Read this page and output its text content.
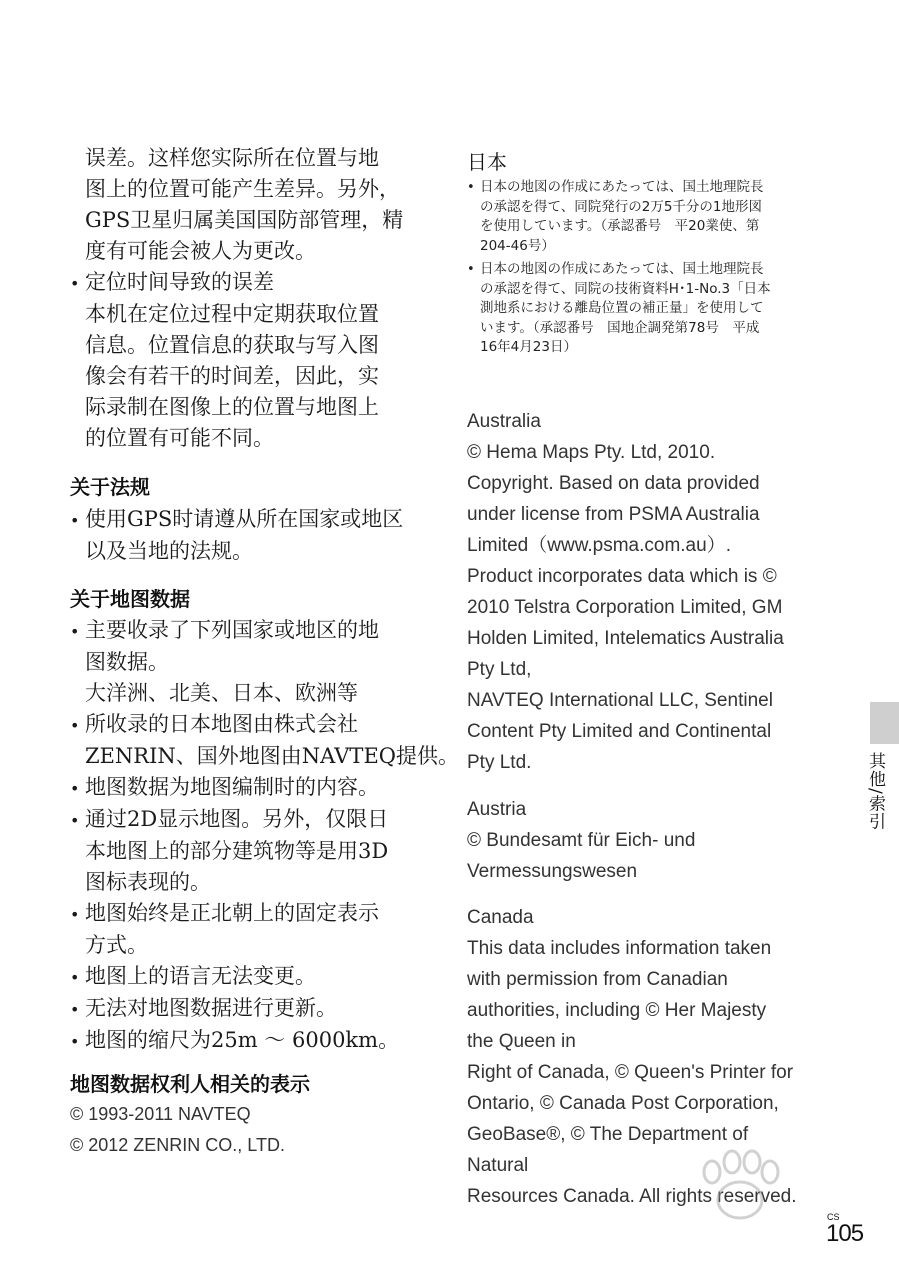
误差。这样您实际所在位置与地
图上的位置可能产生差异。另外，
GPS卫星归属美国国防部管理，精
度有可能会被人为更改。
• 定位时间导致的误差
本机在定位过程中定期获取位置
信息。位置信息的获取与写入图
像会有若干的时间差，因此，实
际录制在图像上的位置与地图上
的位置有可能不同。
关于法规
• 使用GPS时请遵从所在国家或地区
以及当地的法规。
关于地图数据
• 主要收录了下列国家或地区的地
图数据。
大洋洲、北美、日本、欧洲等
• 所收录的日本地图由株式会社
ZENRIN、国外地图由NAVTEQ提供。
• 地图数据为地图编制时的内容。
• 通过2D显示地图。另外，仅限日
本地图上的部分建筑物等是用3D
图标表现的。
• 地图始终是正北朝上的固定表示
方式。
• 地图上的语言无法变更。
• 无法对地图数据进行更新。
• 地图的缩尺为25m ～ 6000km。
地图数据权利人相关的表示
© 1993-2011 NAVTEQ
© 2012 ZENRIN CO., LTD.
日本
• 日本の地図の作成にあたっては、国土地理院長
の承認を得て、同院発行の2万5千分の1地形図
を使用しています。（承認番号　平20業使、第
204-46号）
• 日本の地図の作成にあたっては、国土地理院長
の承認を得て、同院の技術資料H･1-No.3「日本
測地系における離島位置の補正量」を使用して
います。（承認番号　国地企調発第78号　平成
16年4月23日）
Australia
© Hema Maps Pty. Ltd, 2010.
Copyright. Based on data provided
under license from PSMA Australia
Limited（www.psma.com.au）.
Product incorporates data which is ©
2010 Telstra Corporation Limited, GM
Holden Limited, Intelematics Australia
Pty Ltd,
NAVTEQ International LLC, Sentinel
Content Pty Limited and Continental
Pty Ltd.
Austria
© Bundesamt für Eich- und
Vermessungswesen
Canada
This data includes information taken
with permission from Canadian
authorities, including © Her Majesty
the Queen in
Right of Canada, © Queen's Printer for
Ontario, © Canada Post Corporation,
GeoBase®, © The Department of
Natural
Resources Canada. All rights reserved.
其他/索引
CS
105
